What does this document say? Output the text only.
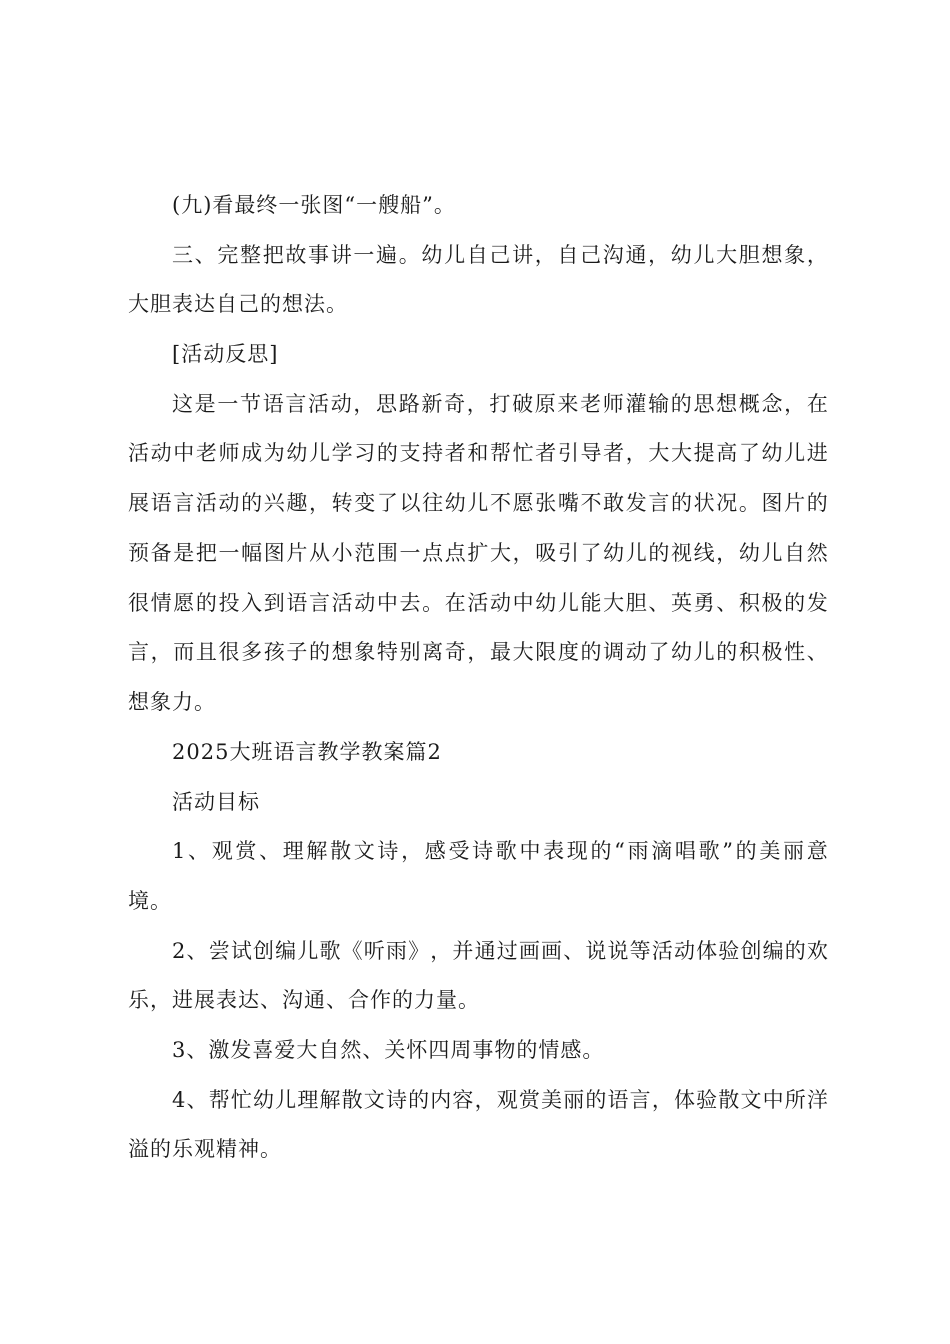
(九)看最终一张图“一艘船”。
三 、 完 整 把 故 事 讲 一 遍 。 幼 儿 自 己 讲 ， 自 己 沟 通 ， 幼 儿 大 胆 想 象 ，
大胆表达自己的想法。
[活动反思]
这 是 一 节 语 言 活 动 ， 思 路 新 奇 ， 打 破 原 来 老 师 灌 输 的 思 想 概 念 ， 在
活 动 中 老 师 成 为 幼 儿 学 习 的 支 持 者 和 帮 忙 者 引 导 者 ， 大 大 提 高 了 幼 儿 进
展 语 言 活 动 的 兴 趣 ， 转 变 了 以 往 幼 儿 不 愿 张 嘴 不 敢 发 言 的 状 况 。 图 片 的
预 备 是 把 一 幅 图 片 从 小 范 围 一 点 点 扩 大 ， 吸 引 了 幼 儿 的 视 线 ， 幼 儿 自 然
很 情 愿 的 投 入 到 语 言 活 动 中 去 。 在 活 动 中 幼 儿 能 大 胆 、 英 勇 、 积 极 的 发
言 ， 而 且 很 多 孩 子 的 想 象 特 别 离 奇 ， 最 大 限 度 的 调 动 了 幼 儿 的 积 极 性 、
想象力。
2025大班语言教学教案篇2
活动目标
1 、 观 赏 、 理 解 散 文 诗 ， 感 受 诗 歌 中 表 现 的 “ 雨 滴 唱 歌 ” 的 美 丽 意
境。
2 、 尝 试 创 编 儿 歌 《 听 雨 》 ， 并 通 过 画 画 、 说 说 等 活 动 体 验 创 编 的 欢
乐，进展表达、沟通、合作的力量。
3、激发喜爱大自然、关怀四周事物的情感。
4 、 帮 忙 幼 儿 理 解 散 文 诗 的 内 容 ， 观 赏 美 丽 的 语 言 ， 体 验 散 文 中 所 洋
溢的乐观精神。
